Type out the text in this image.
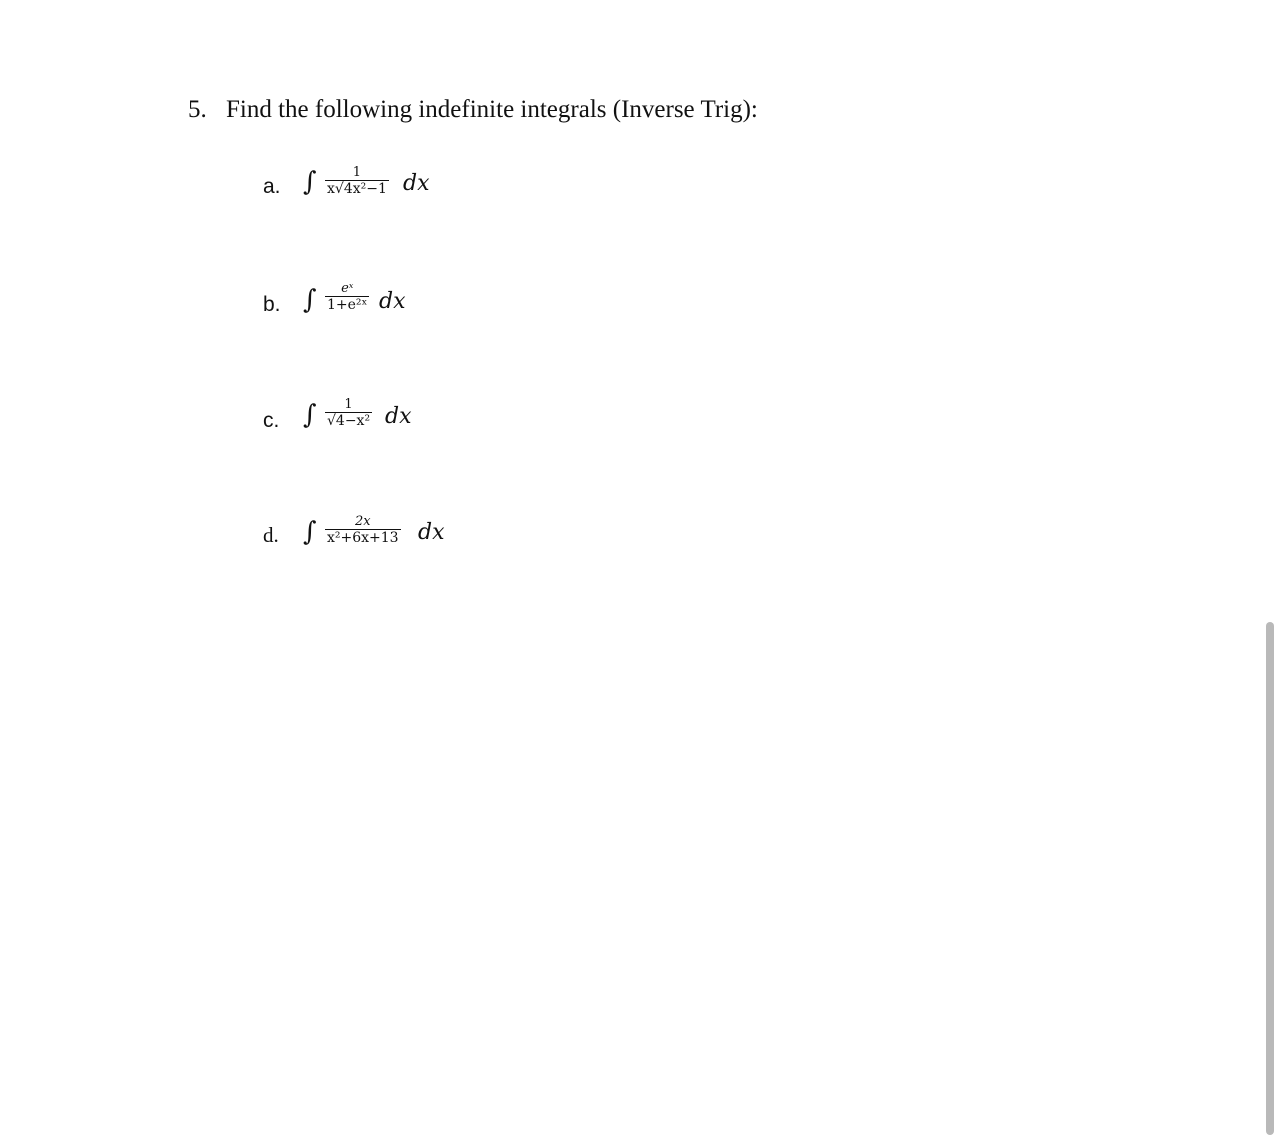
5. Find the following indefinite integrals (Inverse Trig):
a. ∫	1
x√4x²−1 dx
b. ∫ eˣ
1+e²ˣ dx
c. ∫ 1
√4−x² dx
d. ∫	2x
x²+6x+13 dx
